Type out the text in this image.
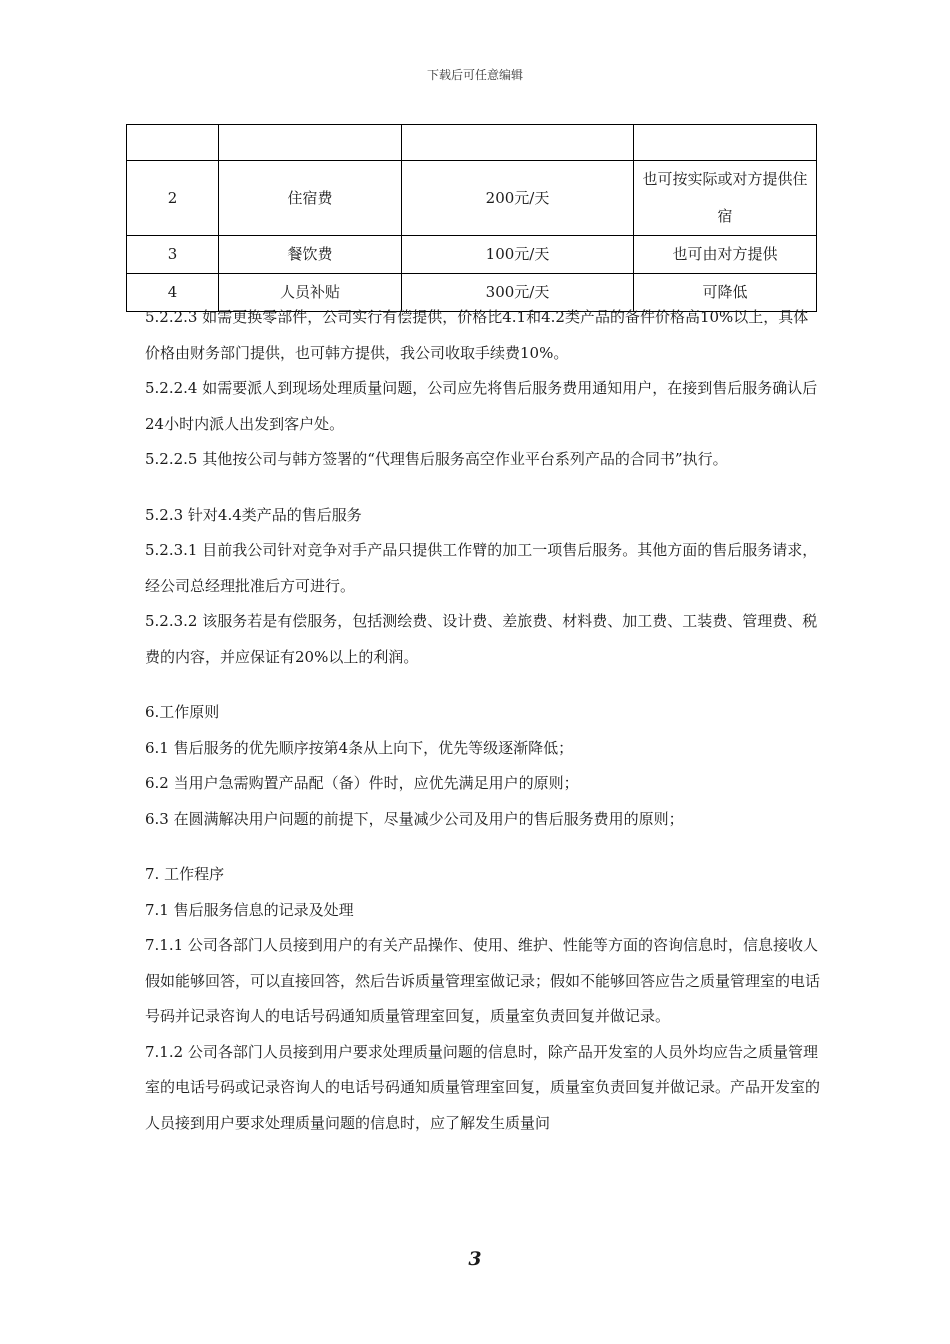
下载后可任意编辑

2	住宿费	200元/天	也可按实际或对方提供住宿
3	餐饮费	100元/天	也可由对方提供
4	人员补贴	300元/天	可降低

5.2.2.3 如需更换零部件，公司实行有偿提供，价格比4.1和4.2类产品的备件价格高10%以上，具体价格由财务部门提供，也可韩方提供，我公司收取手续费10%。

5.2.2.4 如需要派人到现场处理质量问题，公司应先将售后服务费用通知用户，在接到售后服务确认后24小时内派人出发到客户处。

5.2.2.5 其他按公司与韩方签署的“代理售后服务高空作业平台系列产品的合同书”执行。

5.2.3 针对4.4类产品的售后服务

5.2.3.1 目前我公司针对竞争对手产品只提供工作臂的加工一项售后服务。其他方面的售后服务请求，经公司总经理批准后方可进行。

5.2.3.2 该服务若是有偿服务，包括测绘费、设计费、差旅费、材料费、加工费、工装费、管理费、税费的内容，并应保证有20%以上的利润。

6.工作原则

6.1 售后服务的优先顺序按第4条从上向下，优先等级逐渐降低；

6.2 当用户急需购置产品配（备）件时，应优先满足用户的原则；

6.3 在圆满解决用户问题的前提下，尽量减少公司及用户的售后服务费用的原则；

7. 工作程序

7.1 售后服务信息的记录及处理

7.1.1 公司各部门人员接到用户的有关产品操作、使用、维护、性能等方面的咨询信息时，信息接收人假如能够回答，可以直接回答，然后告诉质量管理室做记录；假如不能够回答应告之质量管理室的电话号码并记录咨询人的电话号码通知质量管理室回复，质量室负责回复并做记录。

7.1.2 公司各部门人员接到用户要求处理质量问题的信息时，除产品开发室的人员外均应告之质量管理室的电话号码或记录咨询人的电话号码通知质量管理室回复，质量室负责回复并做记录。产品开发室的人员接到用户要求处理质量问题的信息时，应了解发生质量问

3
